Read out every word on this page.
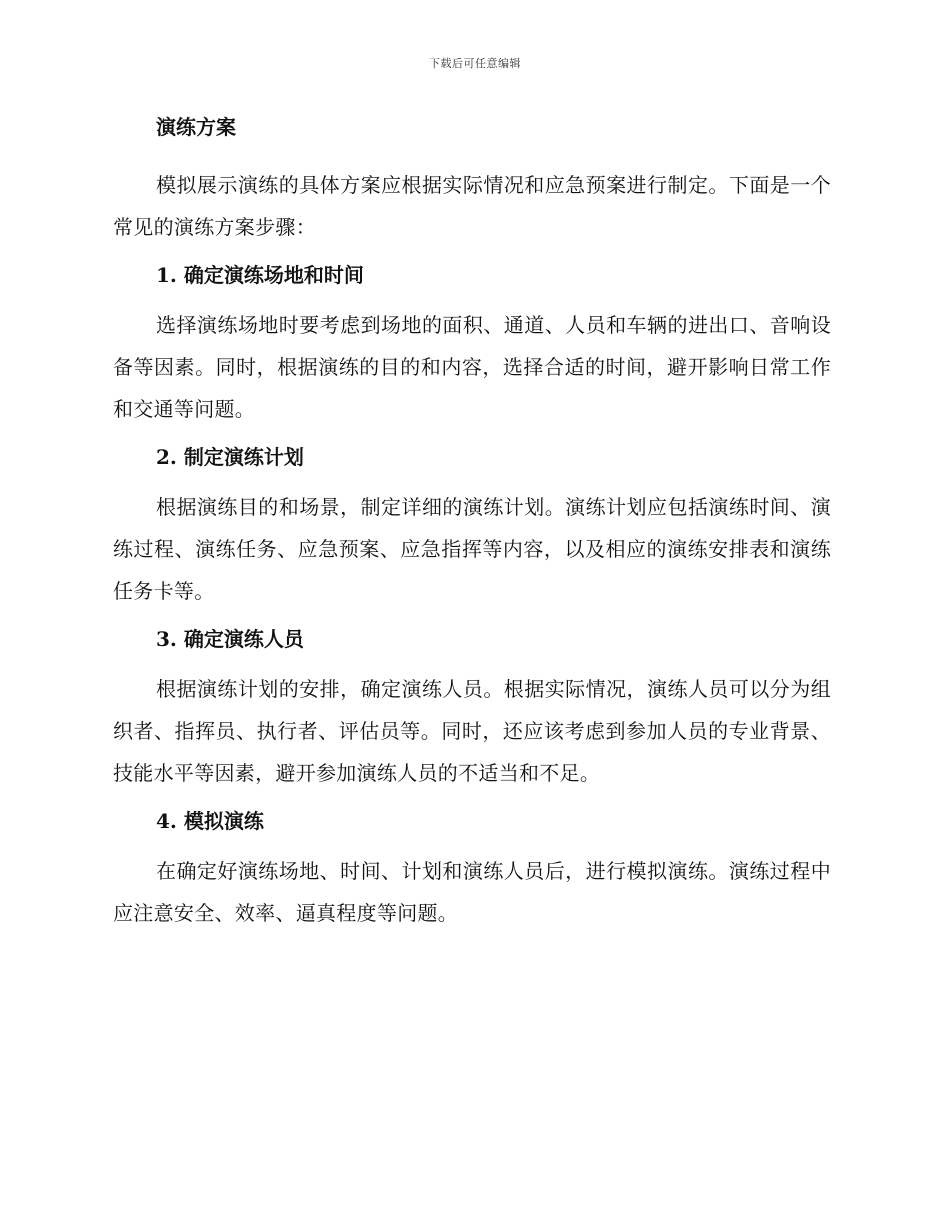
下载后可任意编辑
演练方案

模拟展示演练的具体方案应根据实际情况和应急预案进行制定。下面是一个常见的演练方案步骤：

1. 确定演练场地和时间

选择演练场地时要考虑到场地的面积、通道、人员和车辆的进出口、音响设备等因素。同时，根据演练的目的和内容，选择合适的时间，避开影响日常工作和交通等问题。

2. 制定演练计划

根据演练目的和场景，制定详细的演练计划。演练计划应包括演练时间、演练过程、演练任务、应急预案、应急指挥等内容，以及相应的演练安排表和演练任务卡等。

3. 确定演练人员

根据演练计划的安排，确定演练人员。根据实际情况，演练人员可以分为组织者、指挥员、执行者、评估员等。同时，还应该考虑到参加人员的专业背景、技能水平等因素，避开参加演练人员的不适当和不足。

4. 模拟演练

在确定好演练场地、时间、计划和演练人员后，进行模拟演练。演练过程中应注意安全、效率、逼真程度等问题。
